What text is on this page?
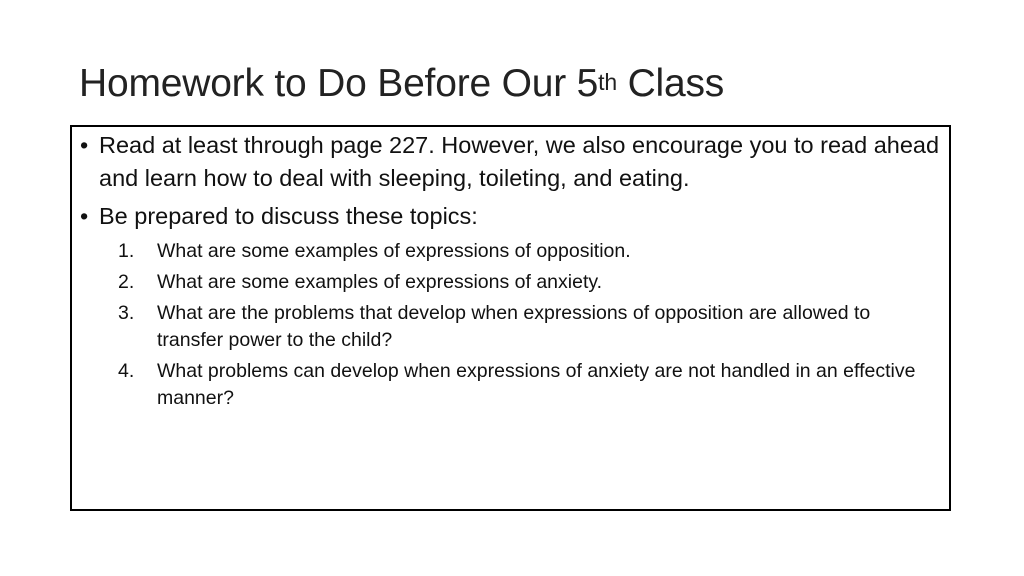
Homework to Do Before Our 5th Class
• Read at least through page 227. However, we also encourage you to read ahead and learn how to deal with sleeping, toileting, and eating.
• Be prepared to discuss these topics:
1. What are some examples of expressions of opposition.
2. What are some examples of expressions of anxiety.
3. What are the problems that develop when expressions of opposition are allowed to transfer power to the child?
4. What problems can develop when expressions of anxiety are not handled in an effective manner?
